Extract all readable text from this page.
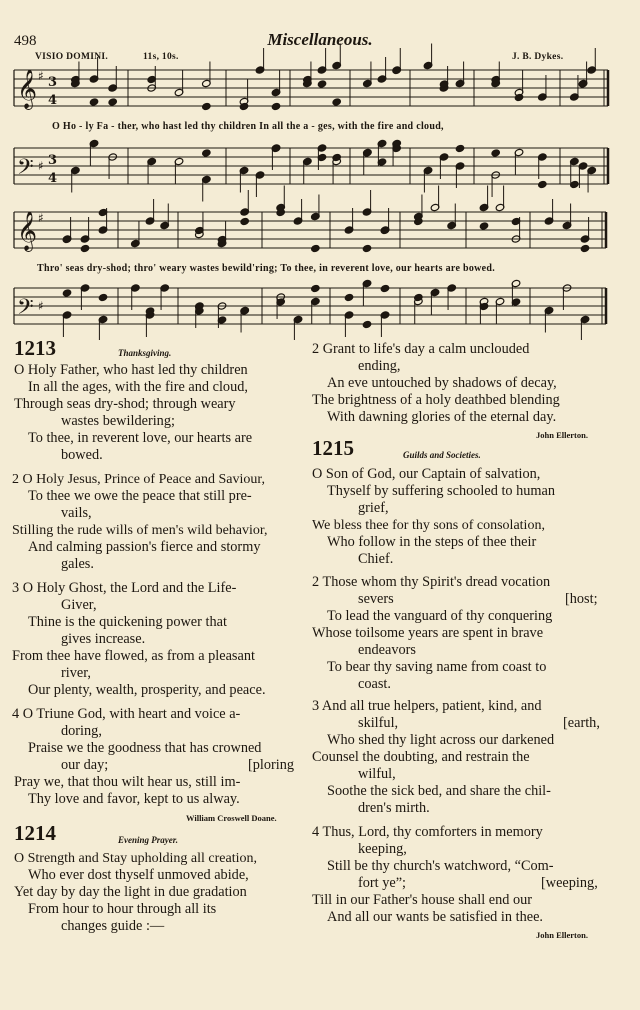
498	Miscellaneous.
VISIO DOMINI.	11s, 10s.	J. B. Dykes.
𝄞 ♯ 3
4
𝄢 ♯ 3
4
𝄞 ♯
𝄢 ♯
O Ho - ly Fa - ther, who hast led thy children In all the a - ges, with the fire and cloud,
Thro' seas dry-shod; thro' weary wastes bewild'ring; To thee, in reverent love, our hearts are bowed.
1213	Thanksgiving.
O Holy Father, who hast led thy children
In all the ages, with the fire and cloud,
Through seas dry-shod; through weary
wastes bewildering;
To thee, in reverent love, our hearts are
bowed.
2 O Holy Jesus, Prince of Peace and Saviour,
To thee we owe the peace that still pre-
vails,
Stilling the rude wills of men's wild behavior,
And calming passion's fierce and stormy
gales.
3 O Holy Ghost, the Lord and the Life-
Giver,
Thine is the quickening power that
gives increase.
From thee have flowed, as from a pleasant
river,
Our plenty, wealth, prosperity, and peace.
4 O Triune God, with heart and voice a-
doring,
Praise we the goodness that has crowned
our day;	[ploring
Pray we, that thou wilt hear us, still im-
Thy love and favor, kept to us alway.
William Croswell Doane.
1214	Evening Prayer.
O Strength and Stay upholding all creation,
Who ever dost thyself unmoved abide,
Yet day by day the light in due gradation
From hour to hour through all its
changes guide :—
2 Grant to life's day a calm unclouded
ending,
An eve untouched by shadows of decay,
The brightness of a holy deathbed blending
With dawning glories of the eternal day.
John Ellerton.
1215	Guilds and Societies.
O Son of God, our Captain of salvation,
Thyself by suffering schooled to human
grief,
We bless thee for thy sons of consolation,
Who follow in the steps of thee their
Chief.
2 Those whom thy Spirit's dread vocation
severs	[host;
To lead the vanguard of thy conquering
Whose toilsome years are spent in brave
endeavors
To bear thy saving name from coast to
coast.
3 And all true helpers, patient, kind, and
skilful,	[earth,
Who shed thy light across our darkened
Counsel the doubting, and restrain the
wilful,
Soothe the sick bed, and share the chil-
dren's mirth.
4 Thus, Lord, thy comforters in memory
keeping,
Still be thy church's watchword, “Com-
fort ye”;	[weeping,
Till in our Father's house shall end our
And all our wants be satisfied in thee.
John Ellerton.
